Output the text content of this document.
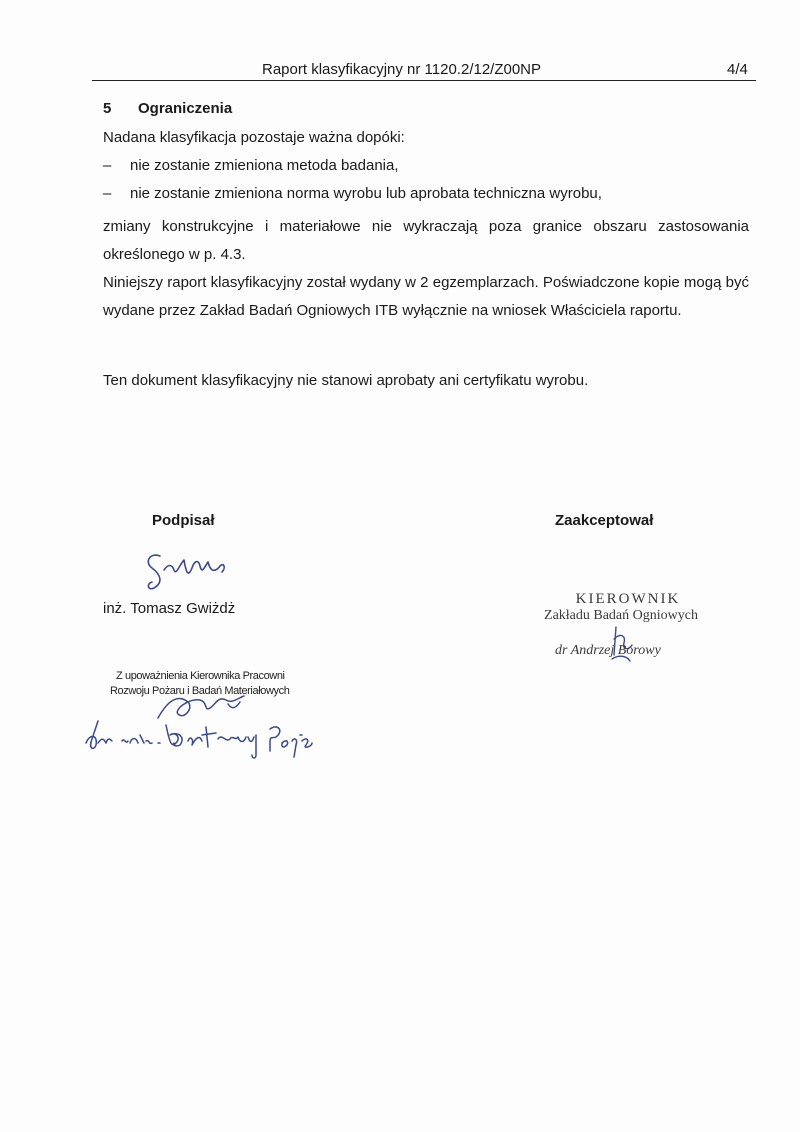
Raport klasyfikacyjny nr 1120.2/12/Z00NP	4/4
5 Ograniczenia
Nadana klasyfikacja pozostaje ważna dopóki:
– nie zostanie zmieniona metoda badania,
– nie zostanie zmieniona norma wyrobu lub aprobata techniczna wyrobu,
zmiany konstrukcyjne i materiałowe nie wykraczają poza granice obszaru zastosowania określonego w p. 4.3.
Niniejszy raport klasyfikacyjny został wydany w 2 egzemplarzach. Poświadczone kopie mogą być wydane przez Zakład Badań Ogniowych ITB wyłącznie na wniosek Właściciela raportu.
Ten dokument klasyfikacyjny nie stanowi aprobaty ani certyfikatu wyrobu.
Podpisał
inż. Tomasz Gwiżdż
Z upoważnienia Kierownika Pracowni
Rozwoju Pożaru i Badań Materiałowych
Zaakceptował
KIEROWNIK
Zakładu Badań Ogniowych
dr Andrzej Borowy
